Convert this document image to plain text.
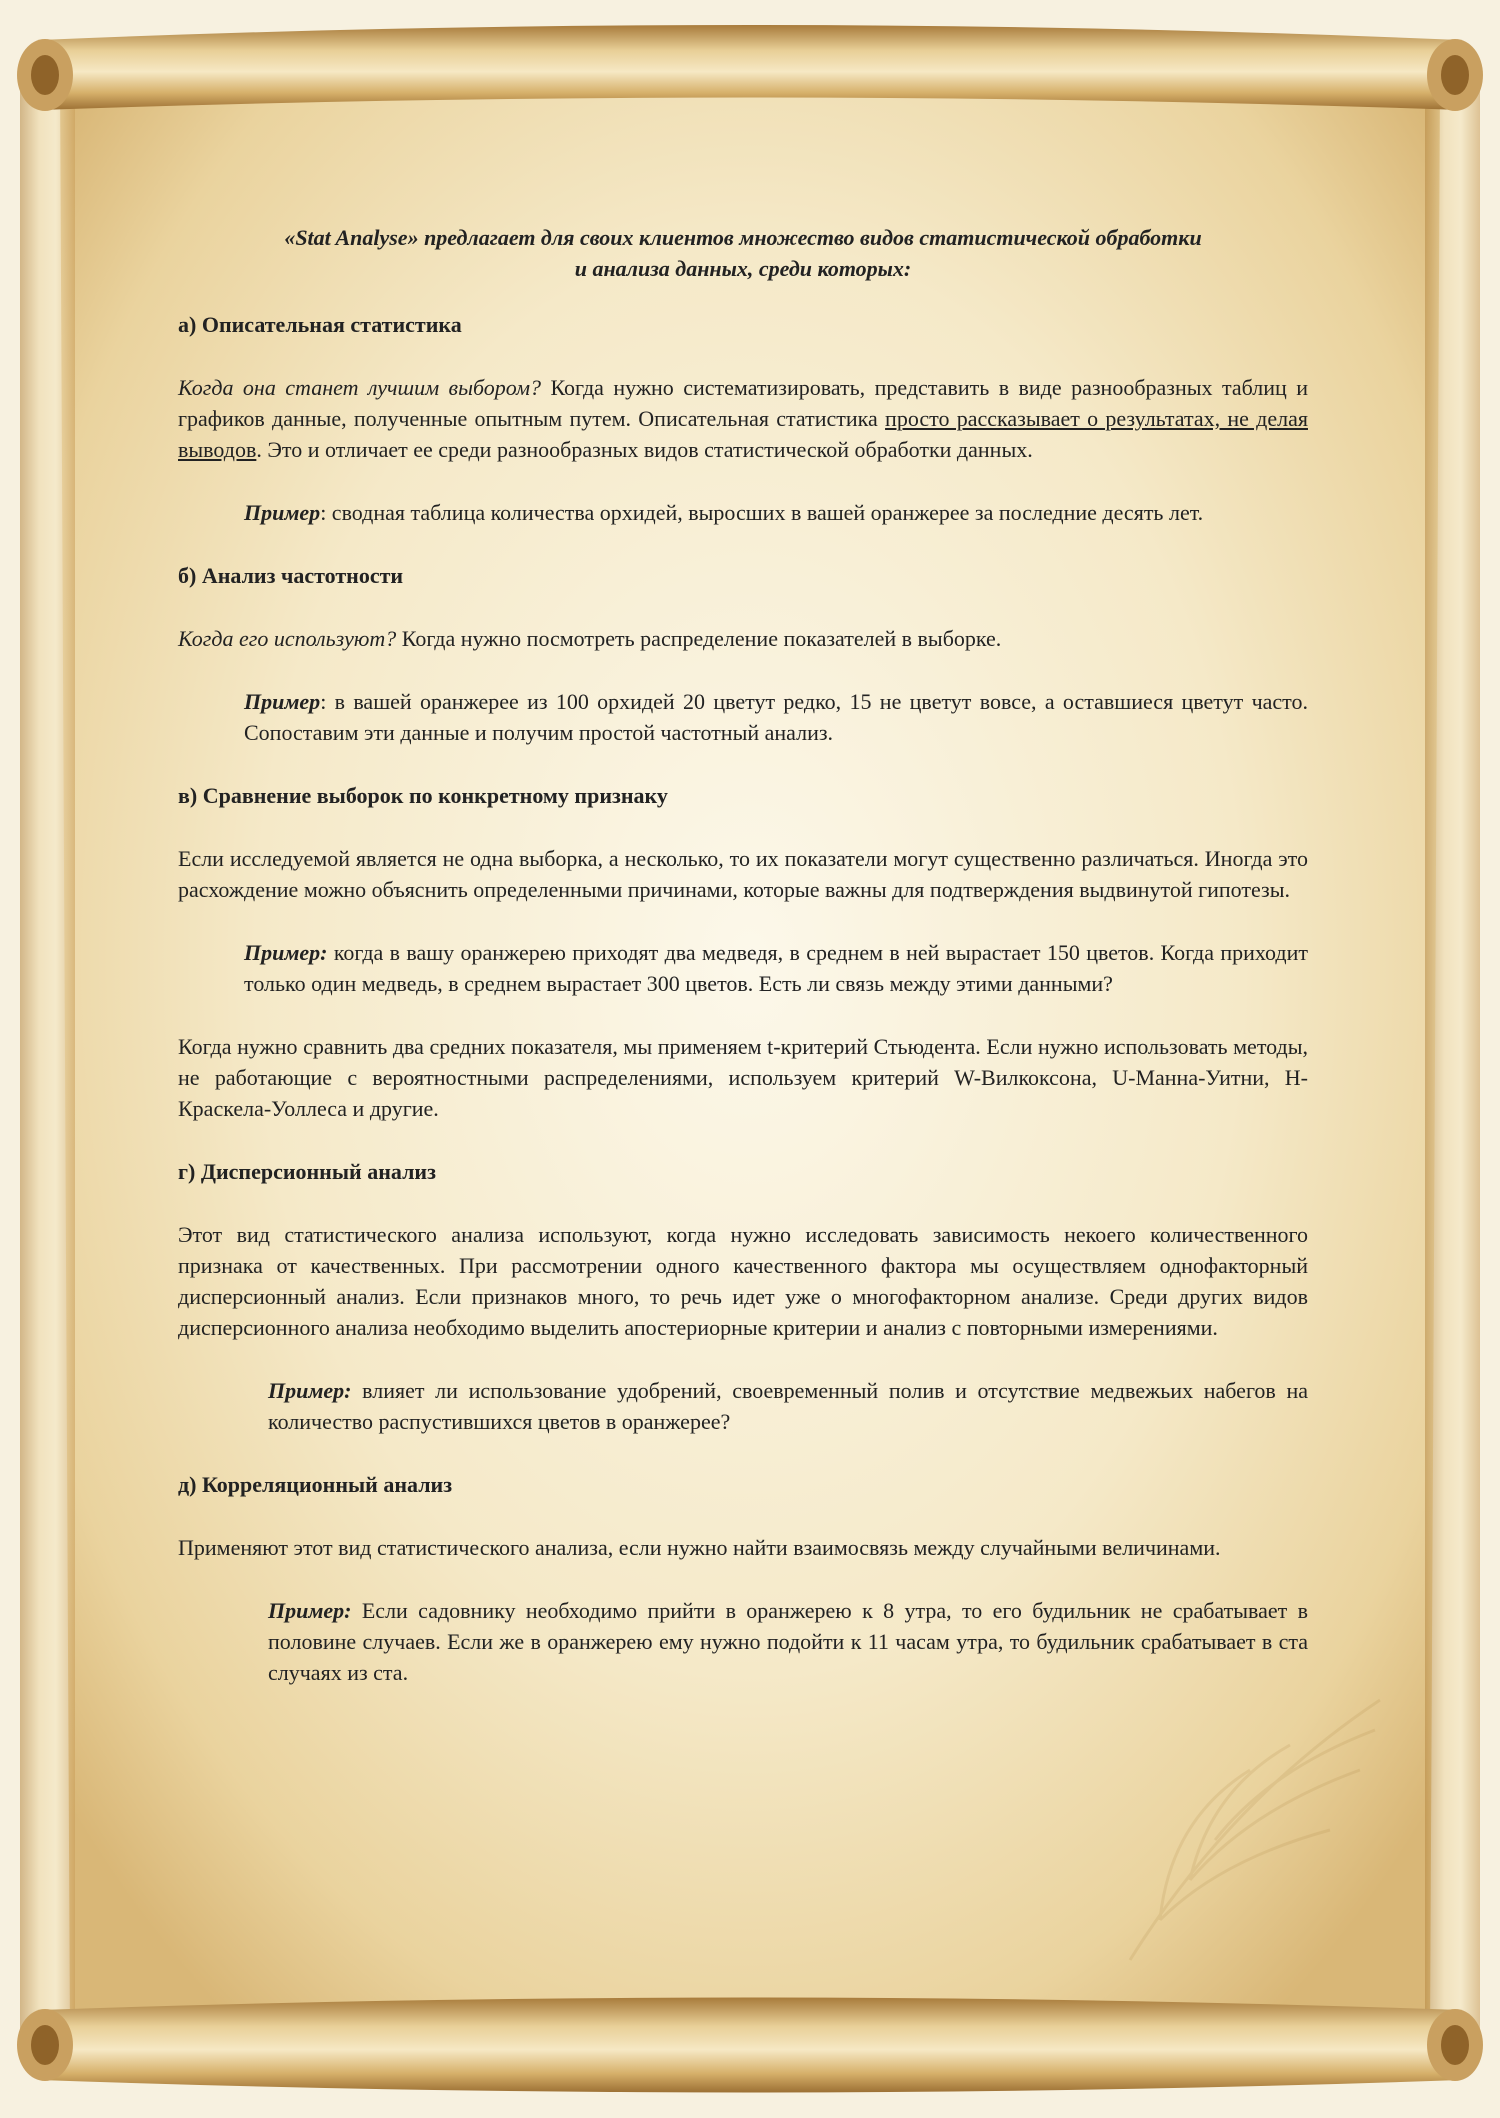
«Stat Analyse» предлагает для своих клиентов множество видов статистической обработки
и анализа данных, среди которых:

а) Описательная статистика

Когда она станет лучшим выбором? Когда нужно систематизировать, представить в виде разнообразных таблиц и графиков данные, полученные опытным путем. Описательная статистика просто рассказывает о результатах, не делая выводов. Это и отличает ее среди разнообразных видов статистической обработки данных.

Пример: сводная таблица количества орхидей, выросших в вашей оранжерее за последние десять лет.

б) Анализ частотности

Когда его используют? Когда нужно посмотреть распределение показателей в выборке.

Пример: в вашей оранжерее из 100 орхидей 20 цветут редко, 15 не цветут вовсе, а оставшиеся цветут часто. Сопоставим эти данные и получим простой частотный анализ.

в) Сравнение выборок по конкретному признаку

Если исследуемой является не одна выборка, а несколько, то их показатели могут существенно различаться. Иногда это расхождение можно объяснить определенными причинами, которые важны для подтверждения выдвинутой гипотезы.

Пример: когда в вашу оранжерею приходят два медведя, в среднем в ней вырастает 150 цветов. Когда приходит только один медведь, в среднем вырастает 300 цветов. Есть ли связь между этими данными?

Когда нужно сравнить два средних показателя, мы применяем t-критерий Стьюдента. Если нужно использовать методы, не работающие с вероятностными распределениями, используем критерий W-Вилкоксона, U-Манна-Уитни, H-Краскела-Уоллеса и другие.

г) Дисперсионный анализ

Этот вид статистического анализа используют, когда нужно исследовать зависимость некоего количественного признака от качественных. При рассмотрении одного качественного фактора мы осуществляем однофакторный дисперсионный анализ. Если признаков много, то речь идет уже о многофакторном анализе. Среди других видов дисперсионного анализа необходимо выделить апостериорные критерии и анализ с повторными измерениями.

Пример: влияет ли использование удобрений, своевременный полив и отсутствие медвежьих набегов на количество распустившихся цветов в оранжерее?

д) Корреляционный анализ

Применяют этот вид статистического анализа, если нужно найти взаимосвязь между случайными величинами.

Пример: Если садовнику необходимо прийти в оранжерею к 8 утра, то его будильник не срабатывает в половине случаев. Если же в оранжерею ему нужно подойти к 11 часам утра, то будильник срабатывает в ста случаях из ста.
